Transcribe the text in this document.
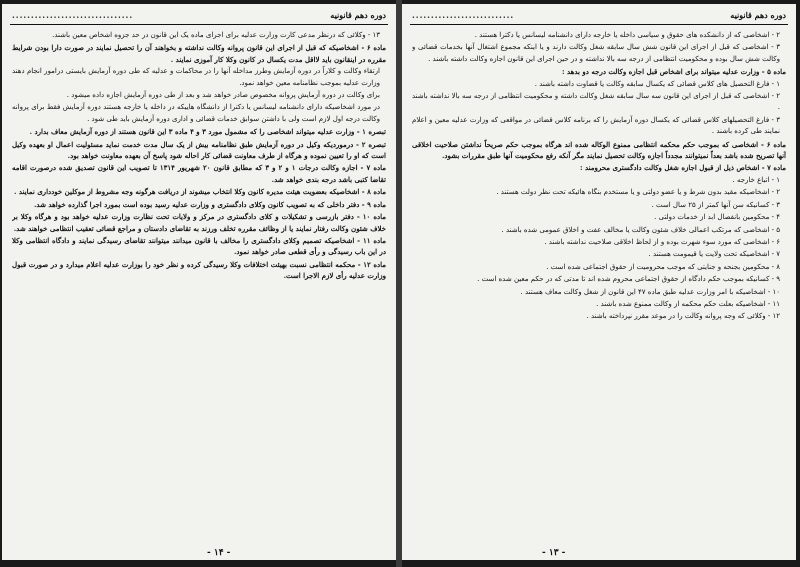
دوره دهم قانونیه
................................

۱۳ - وکلائی که درنظر مدعی کارت وزارت عدلیه برای اجرای ماده یک این قانون در حد جزوه اشخاص معین باشند.

ماده ۶ - اشخاصیکه که قبل از اجرای این قانون پروانه وکالت نداشته و بخواهند آن را تحصیل نمایند در صورت دارا بودن شرایط مقرره در اینقانون باید لااقل مدت یکسال در کانون وکلا کار آموزی نمایند .

ارتقاء وکالت و کلاراً در دوره آزمایش وطرز مداخله آنها را در محاکمات و عدلیه که طی دوره آزمایش بایستی درامور انجام دهند وزارت عدلیه بموجب نظامنامه معین خواهد نمود.

برای وکالت در دوره آزمایش پروانه مخصوص صادر خواهد شد و بعد از طی دوره آزمایش اجازه داده میشود .

در مورد اشخاصیکه دارای دانشنامه لیسانس یا دکترا از دانشگاه هاییکه در داخله یا خارجه هستند دوره آزمایش فقط برای پروانه وکالت درجه اول لازم است ولی با داشتن سوابق خدمات قضائی و اداری دوره آزمایش باید طی شود .

تبصره ۱ - وزارت عدلیه میتواند اشخاصی را که مشمول مورد ۳ و ۴ ماده ۳ این قانون هستند از دوره آزمایش معاف بدارد .

تبصره ۲ - درموردیکه وکیل در دوره آزمایش طبق نظامنامه بیش از یک سال مدت خدمت نماید مسئولیت اعمال او بعهده وکیل است که او را تعیین نموده و هرگاه از طرف معاونت قضائی کار احاله شود پاسخ آن بعهده معاونت خواهد بود.

ماده ۷ - اجازه وکالت درجات ۱ و ۲ و ۳ که مطابق قانون ۲۰ شهریور ۱۳۱۴ تا تصویب این قانون تصدیق شده درصورت اقامه تقاضا کتبی باشد درجه بندی خواهد شد.

ماده ۸ - اشخاصیکه بعضویت هیئت مدیره کانون وکلا انتخاب میشوند از دریافت هرگونه وجه مشروط از موکلین خودداری نمایند .

ماده ۹ - دفتر داخلی که به تصویب کانون وکلای دادگستری و وزارت عدلیه رسید بوده است بمورد اجرا گذارده خواهد شد.

ماده ۱۰ - دفتر بازرسی و تشکیلات و کلای دادگستری در مرکز و ولایات تحت نظارت وزارت عدلیه خواهد بود و هرگاه وکلا بر خلاف شئون وکالت رفتار نمایند یا از وظائف مقرره تخلف ورزند به تقاضای دادستان و مراجع قضائی تعقیب انتظامی خواهند شد.

ماده ۱۱ - اشخاصیکه تصمیم وکلای دادگستری را مخالف با قانون میدانند میتوانند تقاضای رسیدگی نمایند و دادگاه انتظامی وکلا در این باب رسیدگی و رأی قطعی صادر خواهد نمود.

ماده ۱۲ - محکمه انتظامی نسبت بهیئت اختلافات وکلا رسیدگی کرده و نظر خود را بوزارت عدلیه اعلام میدارد و در صورت قبول وزارت عدلیه رأی لازم الاجرا است.

- ۱۴ -
دوره دهم قانونیه
...........................

۲ - اشخاصی که از دانشکده های حقوق و سیاسی داخله یا خارجه دارای دانشنامه لیسانس یا دکترا هستند .

۳ - اشخاصی که قبل از اجرای این قانون شش سال سابقه شغل وکالت دارند و یا اینکه مجموع اشتغال آنها بخدمات قضائی و وکالت شش سال بوده و محکومیت انتظامی از درجه سه بالا نداشته و در حین اجرای این قانون اجازه وکالت داشته باشند .

ماده ۵ - وزارت عدلیه میتواند برای اشخاص قبل اجازه وکالت درجه دو بدهد :

۱ - فارغ التحصیل های کلاس قضائی که یکسال سابقه وکالت یا قضاوت داشته باشند .

۲ - اشخاصی که قبل از اجرای این قانون سه سال سابقه شغل وکالت داشته و محکومیت انتظامی از درجه سه بالا نداشته باشند .

۳ - فارغ التحصیلهای کلاس قضائی که یکسال دوره آزمایش را که برنامه کلاس قضائی در مواقعی که وزارت عدلیه معین و اعلام نمایند طی کرده باشند .

ماده ۶ - اشخاصی که بموجب حکم محکمه انتظامی ممنوع الوکاله شده اند هرگاه بموجب حکم صریحاً نداشتن صلاحیت اخلاقی آنها تصریح شده باشد بعداً نمیتوانند مجدداً اجازه وکالت تحصیل نمایند مگر آنکه رفع محکومیت آنها طبق مقررات بشود.

ماده ۷ - اشخاص ذیل از قبول اجازه شغل وکالت دادگستری محرومند :

۱ - اتباع خارجه .

۲ - اشخاصیکه مقید بدون شرط و یا عضو دولتی و یا مستخدم بنگاه هائیکه تحت نظر دولت هستند .

۳ - کسانیکه سن آنها کمتر از ۲۵ سال است .

۴ - محکومین بانفصال ابد از خدمات دولتی .

۵ - اشخاصی که مرتکب اعمالی خلاف شئون وکالت یا مخالف عفت و اخلاق عمومی شده باشند .

۶ - اشخاصی که مورد سوء شهرت بوده و از لحاظ اخلاقی صلاحیت نداشته باشند .

۷ - اشخاصیکه تحت ولایت یا قیمومت هستند .

۸ - محکومین بجنحه و جنایتی که موجب محرومیت از حقوق اجتماعی شده است .

۹ - کسانیکه بموجب حکم دادگاه از حقوق اجتماعی محروم شده اند تا مدتی که در حکم معین شده است .

۱۰ - اشخاصیکه با امر وزارت عدلیه طبق ماده ۴۷ این قانون از شغل وکالت معاف هستند .

۱۱ - اشخاصیکه بعلت حکم محکمه از وکالت ممنوع شده باشند .

۱۲ - وکلائی که وجه پروانه وکالت را در موعد مقرر نپرداخته باشند .

- ۱۳ -
